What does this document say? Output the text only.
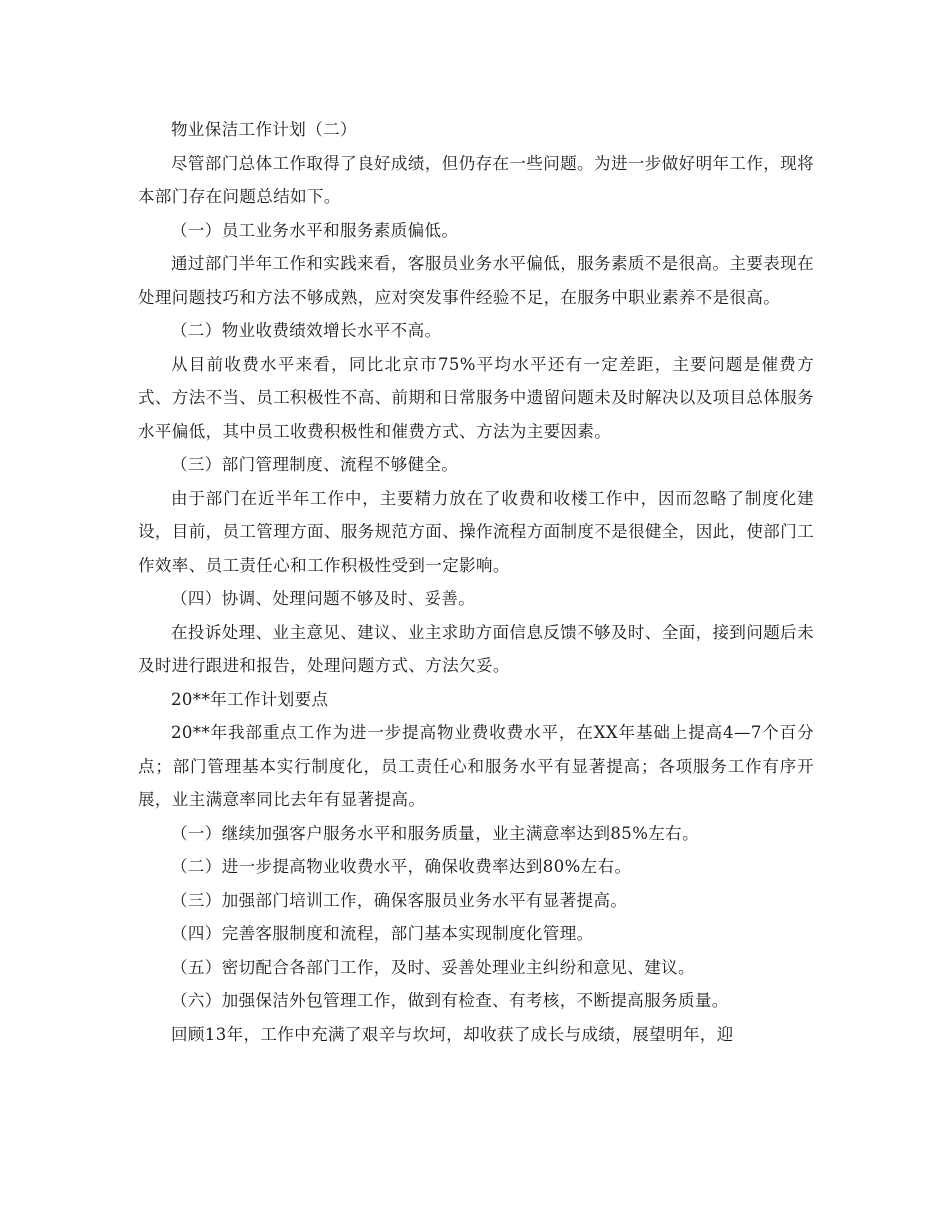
物业保洁工作计划（二）

尽管部门总体工作取得了良好成绩，但仍存在一些问题。为进一步做好明年工作，现将本部门存在问题总结如下。

（一）员工业务水平和服务素质偏低。

通过部门半年工作和实践来看，客服员业务水平偏低，服务素质不是很高。主要表现在处理问题技巧和方法不够成熟，应对突发事件经验不足，在服务中职业素养不是很高。

（二）物业收费绩效增长水平不高。

从目前收费水平来看，同比北京市75%平均水平还有一定差距，主要问题是催费方式、方法不当、员工积极性不高、前期和日常服务中遗留问题未及时解决以及项目总体服务水平偏低，其中员工收费积极性和催费方式、方法为主要因素。

（三）部门管理制度、流程不够健全。

由于部门在近半年工作中，主要精力放在了收费和收楼工作中，因而忽略了制度化建设，目前，员工管理方面、服务规范方面、操作流程方面制度不是很健全，因此，使部门工作效率、员工责任心和工作积极性受到一定影响。

（四）协调、处理问题不够及时、妥善。

在投诉处理、业主意见、建议、业主求助方面信息反馈不够及时、全面，接到问题后未及时进行跟进和报告，处理问题方式、方法欠妥。

20**年工作计划要点

20**年我部重点工作为进一步提高物业费收费水平，在XX年基础上提高4—7个百分点；部门管理基本实行制度化，员工责任心和服务水平有显著提高；各项服务工作有序开展，业主满意率同比去年有显著提高。

（一）继续加强客户服务水平和服务质量，业主满意率达到85%左右。

（二）进一步提高物业收费水平，确保收费率达到80%左右。

（三）加强部门培训工作，确保客服员业务水平有显著提高。

（四）完善客服制度和流程，部门基本实现制度化管理。

（五）密切配合各部门工作，及时、妥善处理业主纠纷和意见、建议。

（六）加强保洁外包管理工作，做到有检查、有考核，不断提高服务质量。

回顾13年，工作中充满了艰辛与坎坷，却收获了成长与成绩，展望明年，迎
